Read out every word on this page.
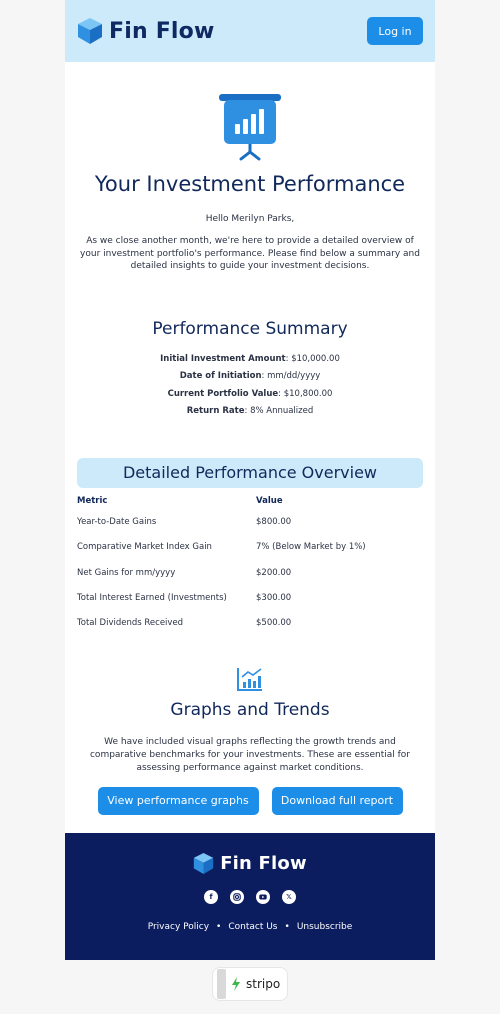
Fin Flow	Log in
Your Investment Performance

Hello Merilyn Parks,

As we close another month, we're here to provide a detailed overview of your investment portfolio's performance. Please find below a summary and detailed insights to guide your investment decisions.

Performance Summary
Initial Investment Amount: $10,000.00
Date of Initiation: mm/dd/yyyy
Current Portfolio Value: $10,800.00
Return Rate: 8% Annualized
Detailed Performance Overview
Metric	Value
Year-to-Date Gains	$800.00
Comparative Market Index Gain	7% (Below Market by 1%)
Net Gains for mm/yyyy	$200.00
Total Interest Earned (Investments)	$300.00
Total Dividends Received	$500.00
Graphs and Trends

We have included visual graphs reflecting the growth trends and comparative benchmarks for your investments. These are essential for assessing performance against market conditions.

View performance graphs	Download full report
Fin Flow
f	𝕏
Privacy Policy • Contact Us • Unsubscribe
stripo
